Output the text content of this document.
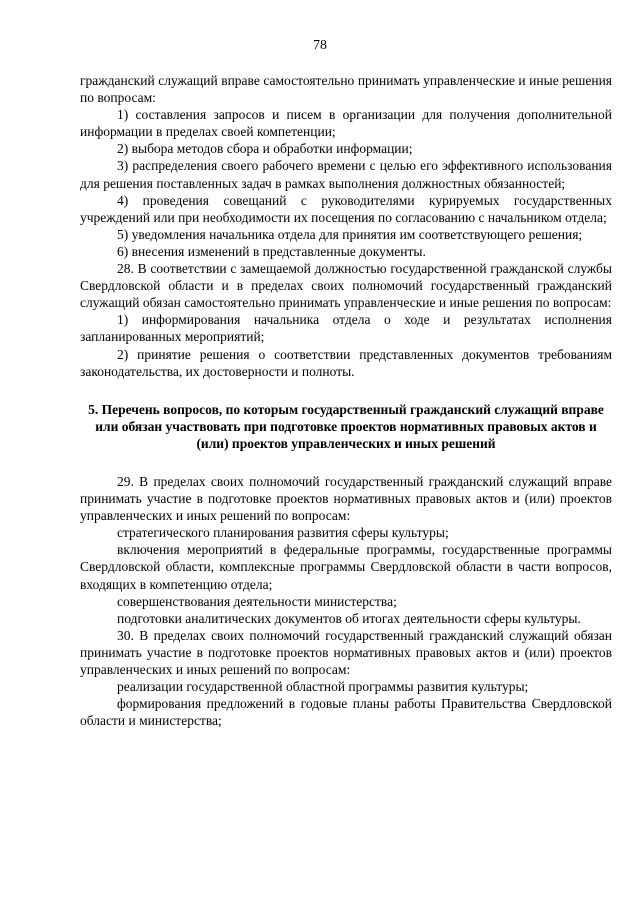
78

гражданский служащий вправе самостоятельно принимать управленческие и иные решения по вопросам:

1) составления запросов и писем в организации для получения дополнительной информации в пределах своей компетенции;

2) выбора методов сбора и обработки информации;

3) распределения своего рабочего времени с целью его эффективного использования для решения поставленных задач в рамках выполнения должностных обязанностей;

4) проведения совещаний с руководителями курируемых государственных учреждений или при необходимости их посещения по согласованию с начальником отдела;

5) уведомления начальника отдела для принятия им соответствующего решения;

6) внесения изменений в представленные документы.

28. В соответствии с замещаемой должностью государственной гражданской службы Свердловской области и в пределах своих полномочий государственный гражданский служащий обязан самостоятельно принимать управленческие и иные решения по вопросам:

1) информирования начальника отдела о ходе и результатах исполнения запланированных мероприятий;

2) принятие решения о соответствии представленных документов требованиям законодательства, их достоверности и полноты.

5. Перечень вопросов, по которым государственный гражданский служащий вправе или обязан участвовать при подготовке проектов нормативных правовых актов и (или) проектов управленческих и иных решений

29. В пределах своих полномочий государственный гражданский служащий вправе принимать участие в подготовке проектов нормативных правовых актов и (или) проектов управленческих и иных решений по вопросам:

стратегического планирования развития сферы культуры;

включения мероприятий в федеральные программы, государственные программы Свердловской области, комплексные программы Свердловской области в части вопросов, входящих в компетенцию отдела;

совершенствования деятельности министерства;

подготовки аналитических документов об итогах деятельности сферы культуры.

30. В пределах своих полномочий государственный гражданский служащий обязан принимать участие в подготовке проектов нормативных правовых актов и (или) проектов управленческих и иных решений по вопросам:

реализации государственной областной программы развития культуры;

формирования предложений в годовые планы работы Правительства Свердловской области и министерства;
